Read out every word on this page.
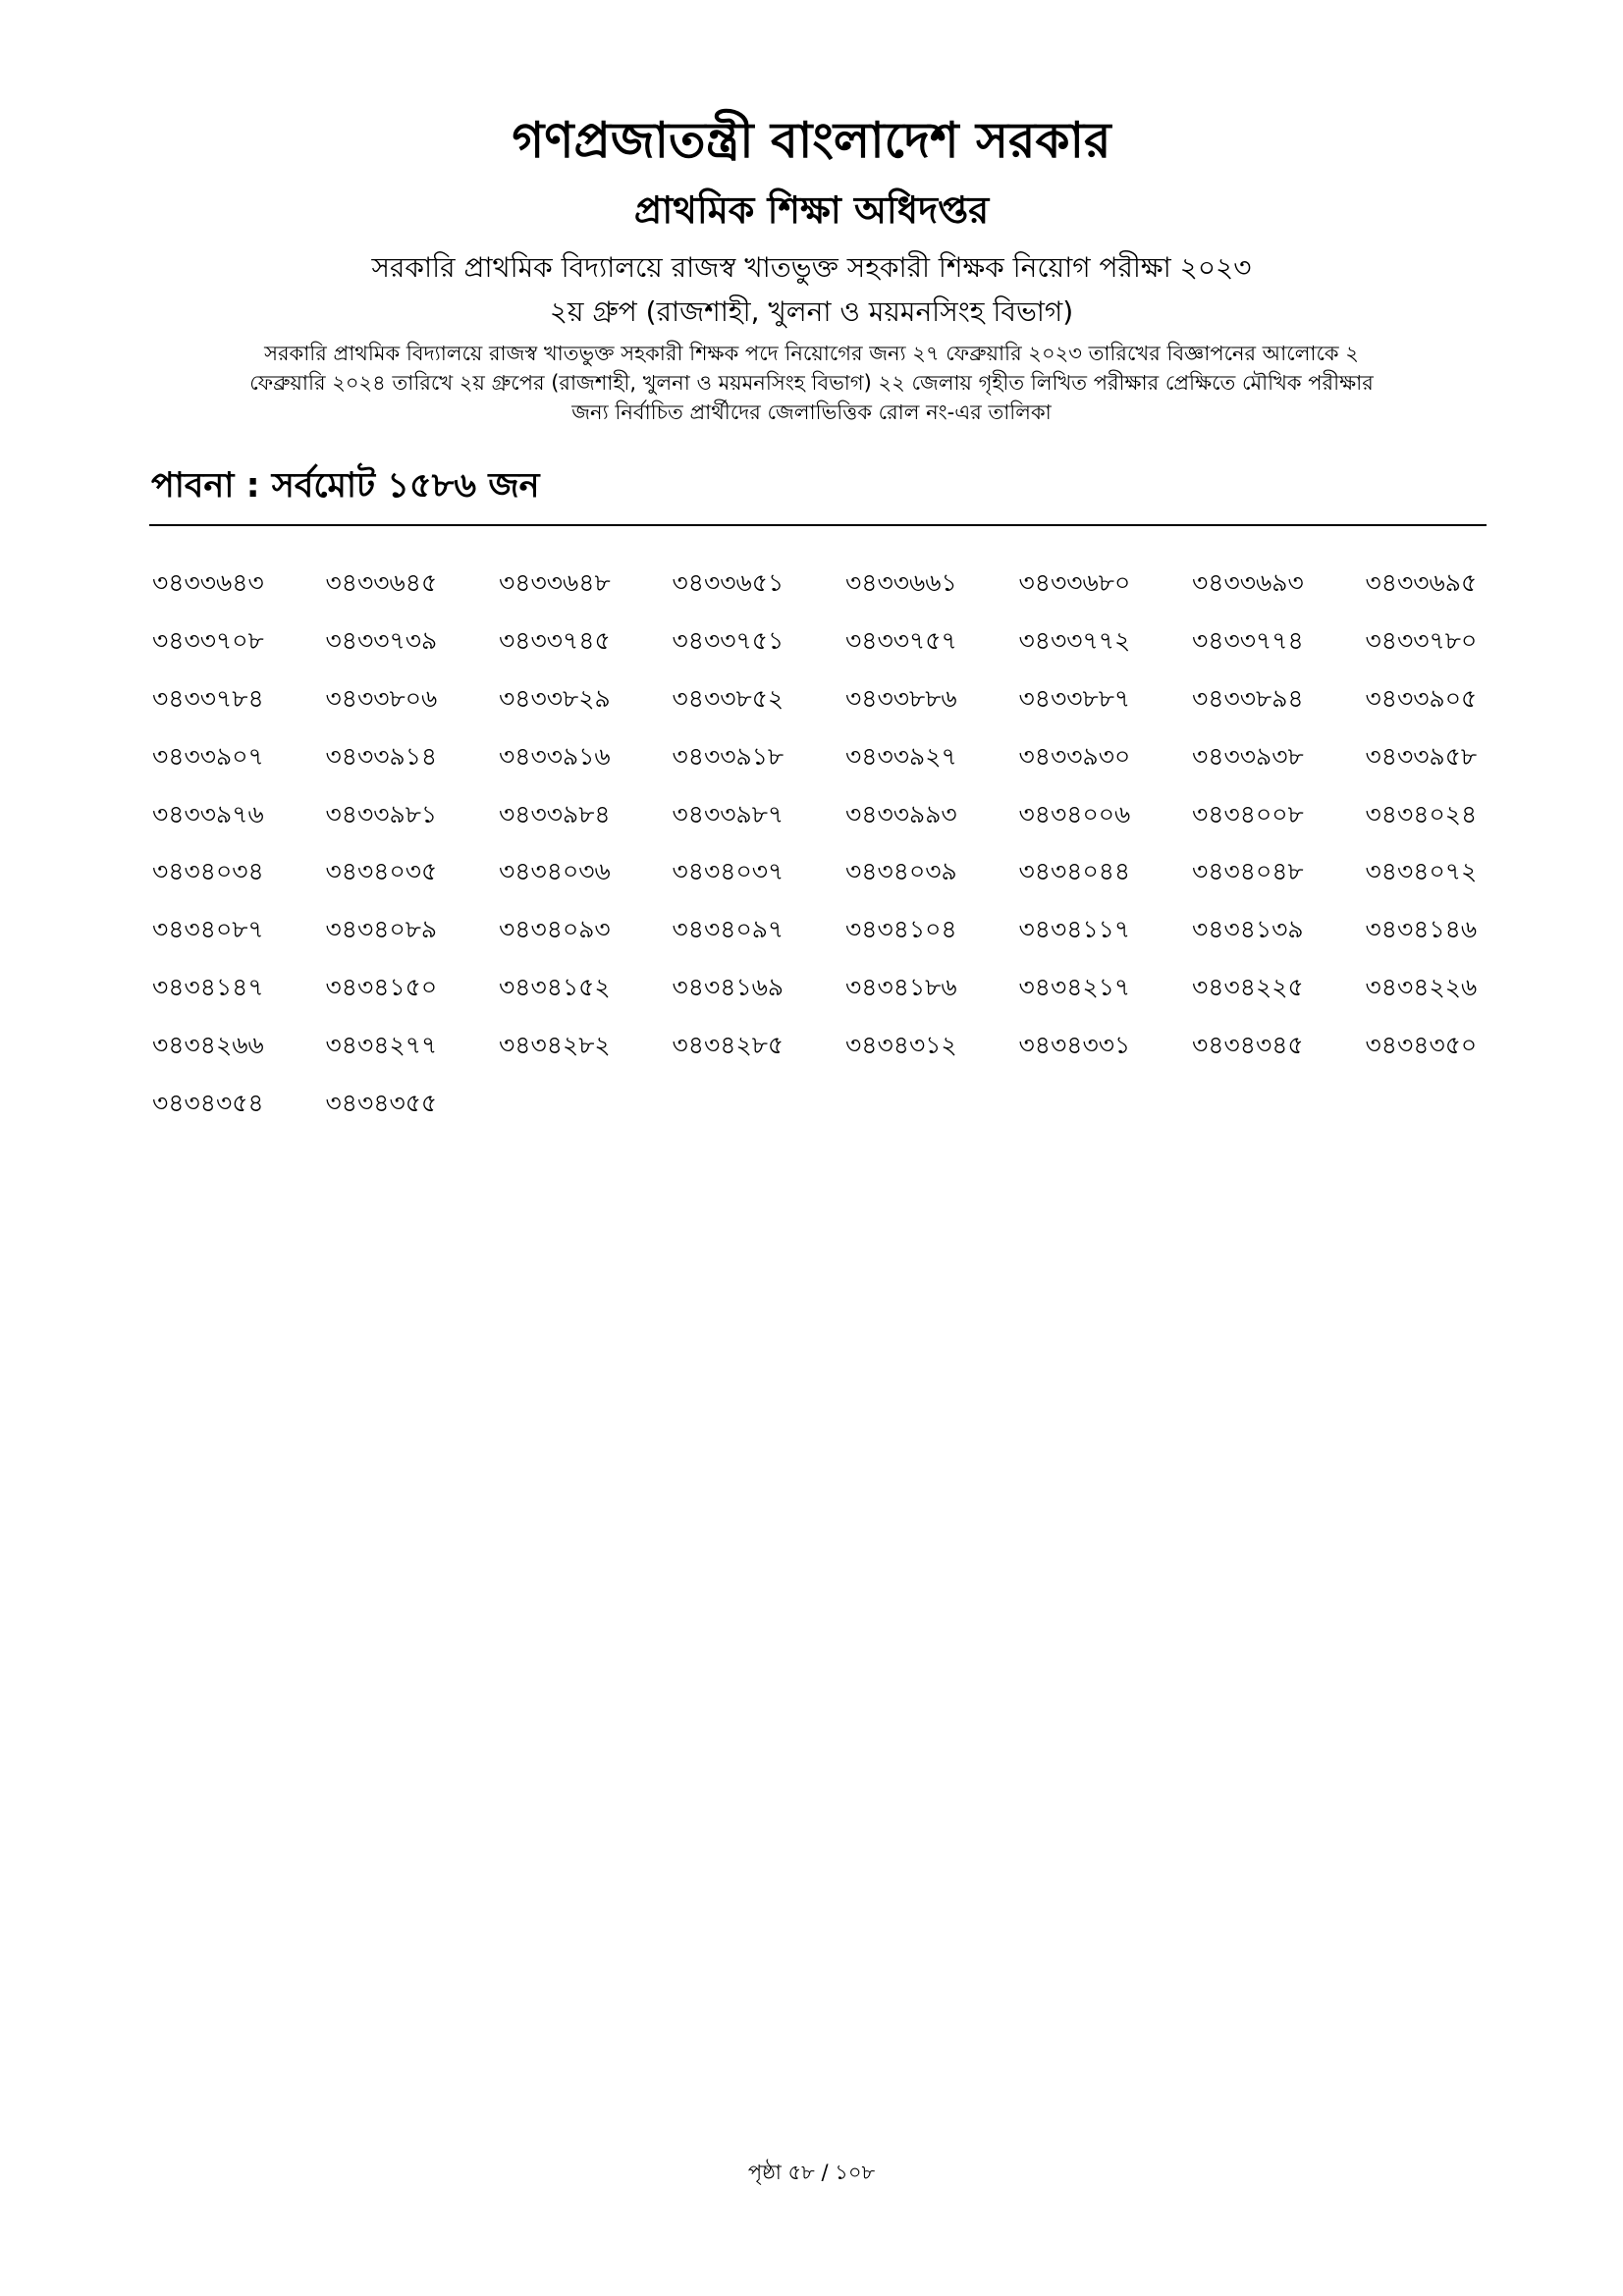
গণপ্রজাতন্ত্রী বাংলাদেশ সরকার
প্রাথমিক শিক্ষা অধিদপ্তর
সরকারি প্রাথমিক বিদ্যালয়ে রাজস্ব খাতভুক্ত সহকারী শিক্ষক নিয়োগ পরীক্ষা ২০২৩
২য় গ্রুপ (রাজশাহী, খুলনা ও ময়মনসিংহ বিভাগ)
সরকারি প্রাথমিক বিদ্যালয়ে রাজস্ব খাতভুক্ত সহকারী শিক্ষক পদে নিয়োগের জন্য ২৭ ফেব্রুয়ারি ২০২৩ তারিখের বিজ্ঞাপনের আলোকে ২
ফেব্রুয়ারি ২০২৪ তারিখে ২য় গ্রুপের (রাজশাহী, খুলনা ও ময়মনসিংহ বিভাগ) ২২ জেলায় গৃহীত লিখিত পরীক্ষার প্রেক্ষিতে মৌখিক পরীক্ষার
জন্য নির্বাচিত প্রার্থীদের জেলাভিত্তিক রোল নং-এর তালিকা
পাবনা : সর্বমোট ১৫৮৬ জন
৩৪৩৩৬৪৩	৩৪৩৩৬৪৫	৩৪৩৩৬৪৮	৩৪৩৩৬৫১	৩৪৩৩৬৬১	৩৪৩৩৬৮০	৩৪৩৩৬৯৩	৩৪৩৩৬৯৫
৩৪৩৩৭০৮	৩৪৩৩৭৩৯	৩৪৩৩৭৪৫	৩৪৩৩৭৫১	৩৪৩৩৭৫৭	৩৪৩৩৭৭২	৩৪৩৩৭৭৪	৩৪৩৩৭৮০
৩৪৩৩৭৮৪	৩৪৩৩৮০৬	৩৪৩৩৮২৯	৩৪৩৩৮৫২	৩৪৩৩৮৮৬	৩৪৩৩৮৮৭	৩৪৩৩৮৯৪	৩৪৩৩৯০৫
৩৪৩৩৯০৭	৩৪৩৩৯১৪	৩৪৩৩৯১৬	৩৪৩৩৯১৮	৩৪৩৩৯২৭	৩৪৩৩৯৩০	৩৪৩৩৯৩৮	৩৪৩৩৯৫৮
৩৪৩৩৯৭৬	৩৪৩৩৯৮১	৩৪৩৩৯৮৪	৩৪৩৩৯৮৭	৩৪৩৩৯৯৩	৩৪৩৪০০৬	৩৪৩৪০০৮	৩৪৩৪০২৪
৩৪৩৪০৩৪	৩৪৩৪০৩৫	৩৪৩৪০৩৬	৩৪৩৪০৩৭	৩৪৩৪০৩৯	৩৪৩৪০৪৪	৩৪৩৪০৪৮	৩৪৩৪০৭২
৩৪৩৪০৮৭	৩৪৩৪০৮৯	৩৪৩৪০৯৩	৩৪৩৪০৯৭	৩৪৩৪১০৪	৩৪৩৪১১৭	৩৪৩৪১৩৯	৩৪৩৪১৪৬
৩৪৩৪১৪৭	৩৪৩৪১৫০	৩৪৩৪১৫২	৩৪৩৪১৬৯	৩৪৩৪১৮৬	৩৪৩৪২১৭	৩৪৩৪২২৫	৩৪৩৪২২৬
৩৪৩৪২৬৬	৩৪৩৪২৭৭	৩৪৩৪২৮২	৩৪৩৪২৮৫	৩৪৩৪৩১২	৩৪৩৪৩৩১	৩৪৩৪৩৪৫	৩৪৩৪৩৫০
৩৪৩৪৩৫৪	৩৪৩৪৩৫৫
পৃষ্ঠা ৫৮ / ১০৮
